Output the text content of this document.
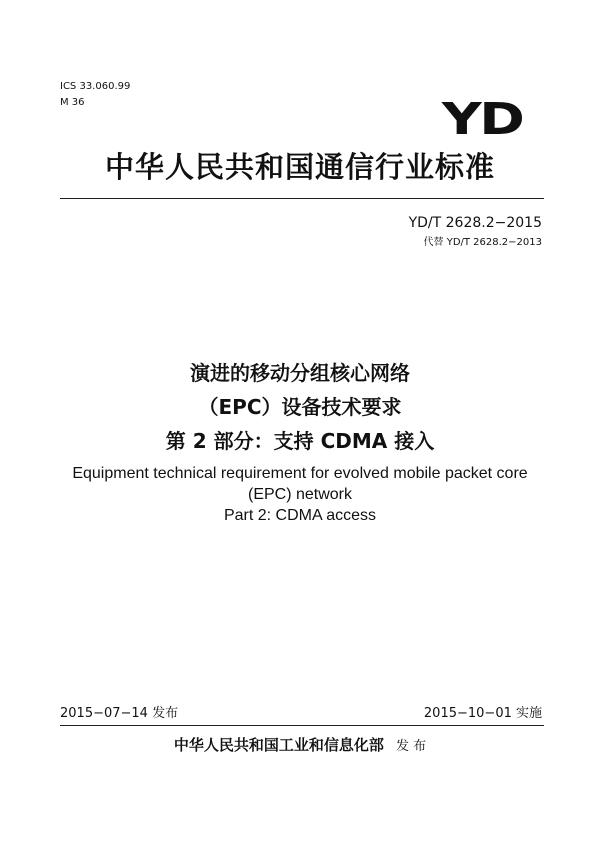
ICS 33.060.99
M 36	YD
中华人民共和国通信行业标准
YD/T 2628.2−2015
代替 YD/T 2628.2−2013
演进的移动分组核心网络
（EPC）设备技术要求
第 2 部分：支持 CDMA 接入
Equipment technical requirement for evolved mobile packet core
(EPC) network
Part 2: CDMA access
2015−07−14 发布	2015−10−01 实施
中华人民共和国工业和信息化部 发 布
